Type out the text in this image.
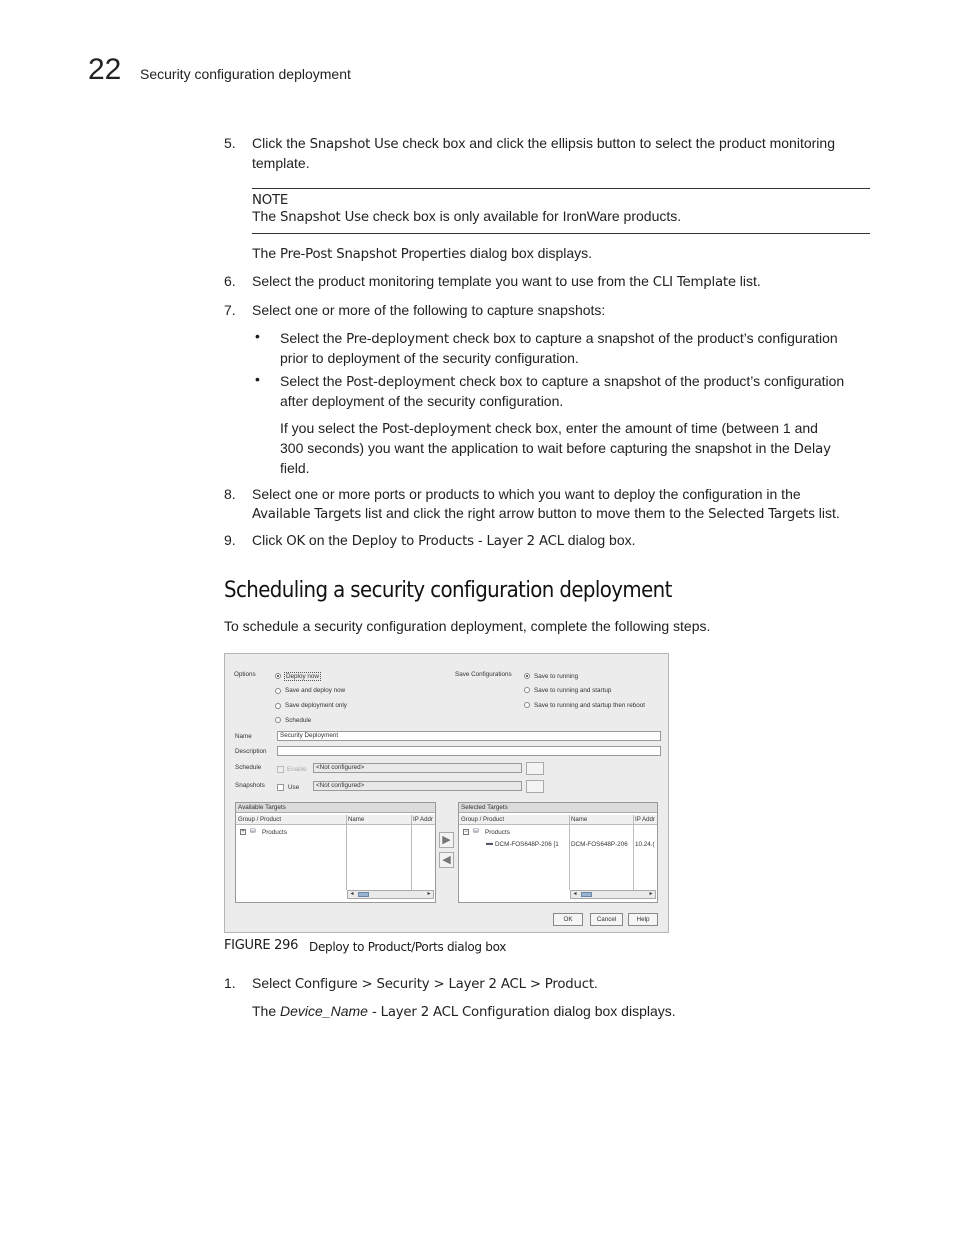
22 Security configuration deployment
5. Click the Snapshot Use check box and click the ellipsis button to select the product monitoring
template.
NOTE
The Snapshot Use check box is only available for IronWare products.
The Pre-Post Snapshot Properties dialog box displays.
6. Select the product monitoring template you want to use from the CLI Template list.
7. Select one or more of the following to capture snapshots:
• Select the Pre-deployment check box to capture a snapshot of the product’s configuration
prior to deployment of the security configuration.
• Select the Post-deployment check box to capture a snapshot of the product’s configuration
after deployment of the security configuration.
If you select the Post-deployment check box, enter the amount of time (between 1 and
300 seconds) you want the application to wait before capturing the snapshot in the Delay
field.
8. Select one or more ports or products to which you want to deploy the configuration in the
Available Targets list and click the right arrow button to move them to the Selected Targets list.
9. Click OK on the Deploy to Products - Layer 2 ACL dialog box.
Scheduling a security configuration deployment
To schedule a security configuration deployment, complete the following steps.
Options	Deploy now
Save and deploy now
Save deployment only
Schedule
Save Configurations	Save to running
Save to running and startup
Save to running and startup then reboot
Name	Security Deployment
Description
Schedule	Enable	<Not configured>
Snapshots	Use	<Not configured>
Available Targets
Group / Product	Name	IP Addr
+ ⛁ Products
◂	▸
▶
◀
Selected Targets
Group / Product	Name	IP Addr
− ⛁ Products
▬ DCM-FOS648P-206 [1 DCM-FOS648P-206 10.24.(
◂	▸
OK	Cancel	Help
FIGURE 296 Deploy to Product/Ports dialog box
1. Select Configure > Security > Layer 2 ACL > Product.
The Device_Name - Layer 2 ACL Configuration dialog box displays.
